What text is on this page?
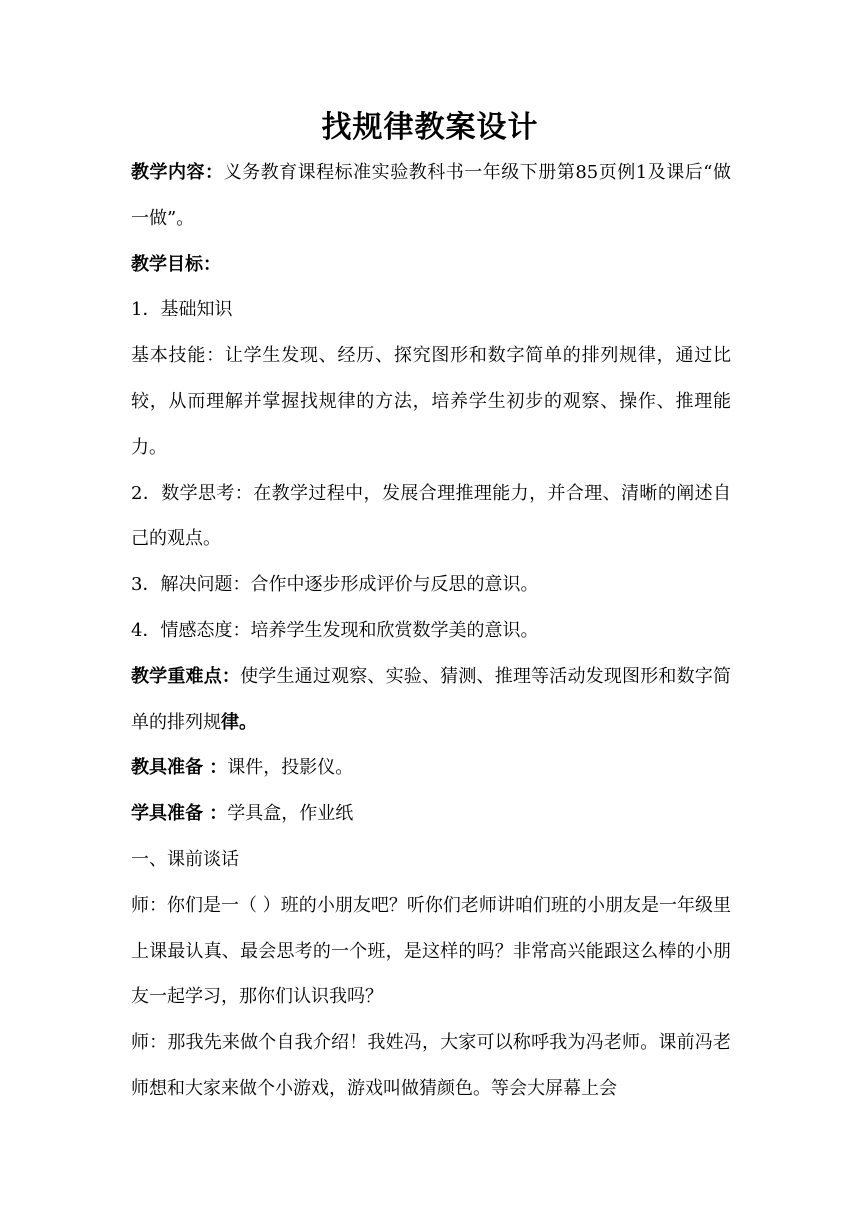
找规律教案设计

教学内容：义务教育课程标准实验教科书一年级下册第85页例1及课后“做一做”。

教学目标：

1．基础知识

基本技能：让学生发现、经历、探究图形和数字简单的排列规律，通过比较，从而理解并掌握找规律的方法，培养学生初步的观察、操作、推理能力。

2．数学思考：在教学过程中，发展合理推理能力，并合理、清晰的阐述自己的观点。

3．解决问题：合作中逐步形成评价与反思的意识。

4．情感态度：培养学生发现和欣赏数学美的意识。

教学重难点：使学生通过观察、实验、猜测、推理等活动发现图形和数字简单的排列规律。

教具准备 ：课件，投影仪。

学具准备 ：学具盒，作业纸

一、课前谈话

师：你们是一（ ）班的小朋友吧？听你们老师讲咱们班的小朋友是一年级里上课最认真、最会思考的一个班，是这样的吗？非常高兴能跟这么棒的小朋友一起学习，那你们认识我吗？

师：那我先来做个自我介绍！我姓冯，大家可以称呼我为冯老师。课前冯老师想和大家来做个小游戏，游戏叫做猜颜色。等会大屏幕上会
